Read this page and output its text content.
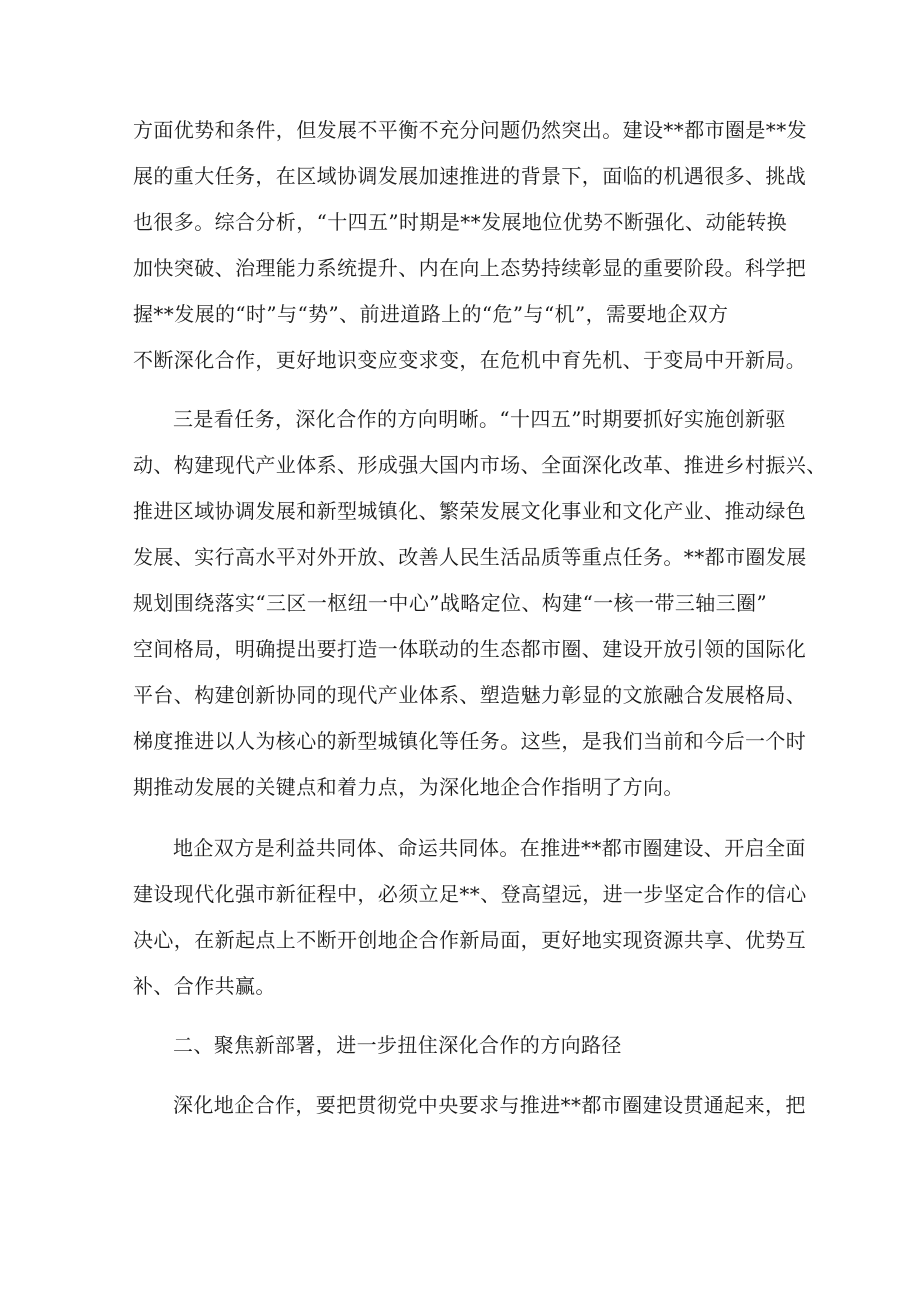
方面优势和条件，但发展不平衡不充分问题仍然突出。建设**都市圈是**发
展的重大任务，在区域协调发展加速推进的背景下，面临的机遇很多、挑战
也很多。综合分析，“十四五”时期是**发展地位优势不断强化、动能转换
加快突破、治理能力系统提升、内在向上态势持续彰显的重要阶段。科学把
握**发展的“时”与“势”、前进道路上的“危”与“机”，需要地企双方
不断深化合作，更好地识变应变求变，在危机中育先机、于变局中开新局。
三是看任务，深化合作的方向明晰。“十四五”时期要抓好实施创新驱
动、构建现代产业体系、形成强大国内市场、全面深化改革、推进乡村振兴、
推进区域协调发展和新型城镇化、繁荣发展文化事业和文化产业、推动绿色
发展、实行高水平对外开放、改善人民生活品质等重点任务。**都市圈发展
规划围绕落实“三区一枢纽一中心”战略定位、构建“一核一带三轴三圈”
空间格局，明确提出要打造一体联动的生态都市圈、建设开放引领的国际化
平台、构建创新协同的现代产业体系、塑造魅力彰显的文旅融合发展格局、
梯度推进以人为核心的新型城镇化等任务。这些，是我们当前和今后一个时
期推动发展的关键点和着力点，为深化地企合作指明了方向。
地企双方是利益共同体、命运共同体。在推进**都市圈建设、开启全面
建设现代化强市新征程中，必须立足**、登高望远，进一步坚定合作的信心
决心，在新起点上不断开创地企合作新局面，更好地实现资源共享、优势互
补、合作共赢。
二、聚焦新部署，进一步扭住深化合作的方向路径
深化地企合作，要把贯彻党中央要求与推进**都市圈建设贯通起来，把
